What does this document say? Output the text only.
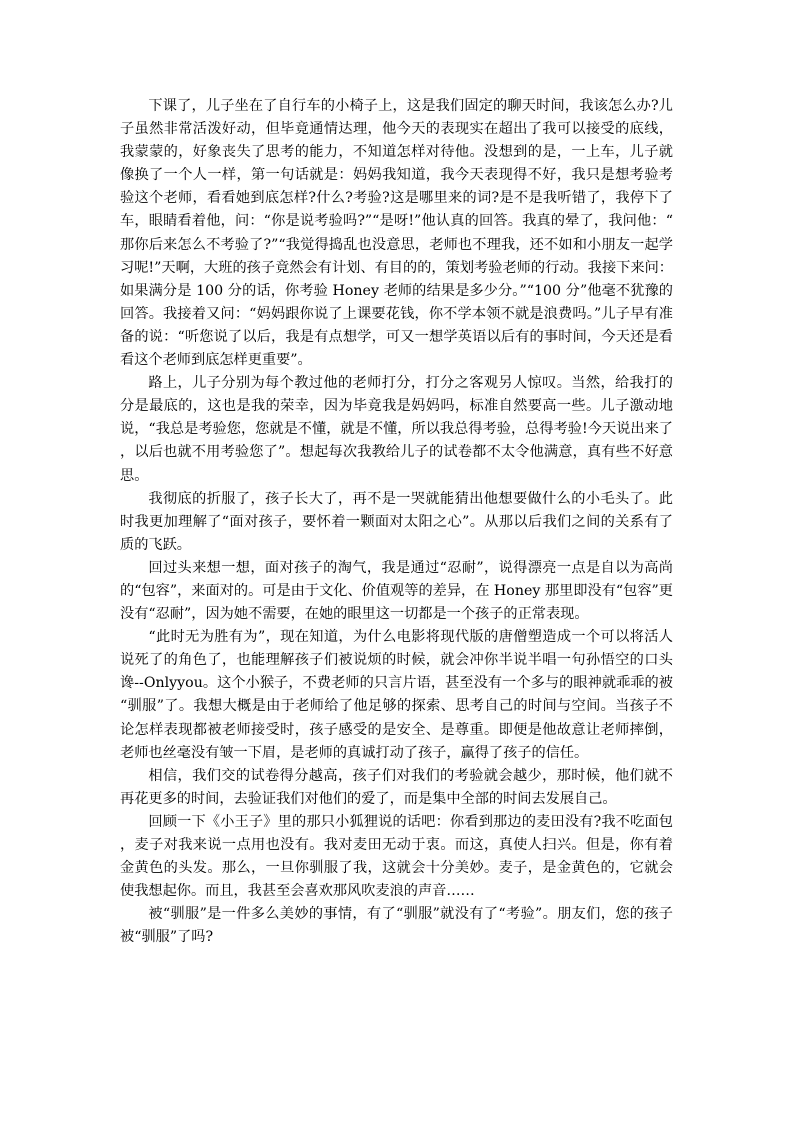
下课了，儿子坐在了自行车的小椅子上，这是我们固定的聊天时间，我该怎么办?儿子虽然非常活泼好动，但毕竟通情达理，他今天的表现实在超出了我可以接受的底线，我蒙蒙的，好象丧失了思考的能力，不知道怎样对待他。没想到的是，一上车，儿子就像换了一个人一样，第一句话就是：妈妈我知道，我今天表现得不好，我只是想考验考验这个老师，看看她到底怎样?什么?考验?这是哪里来的词?是不是我听错了，我停下了车，眼睛看着他，问：“你是说考验吗?”“是呀!”他认真的回答。我真的晕了，我问他：“那你后来怎么不考验了?”“我觉得捣乱也没意思，老师也不理我，还不如和小朋友一起学习呢!”天啊，大班的孩子竟然会有计划、有目的的，策划考验老师的行动。我接下来问：如果满分是 100 分的话，你考验 Honey 老师的结果是多少分。”“100 分”他毫不犹豫的回答。我接着又问：“妈妈跟你说了上课要花钱，你不学本领不就是浪费吗。”儿子早有准备的说：“听您说了以后，我是有点想学，可又一想学英语以后有的事时间，今天还是看看这个老师到底怎样更重要”。

路上，儿子分别为每个教过他的老师打分，打分之客观另人惊叹。当然，给我打的分是最底的，这也是我的荣幸，因为毕竟我是妈妈吗，标准自然要高一些。儿子激动地说，“我总是考验您，您就是不懂，就是不懂，所以我总得考验，总得考验!今天说出来了，以后也就不用考验您了”。想起每次我教给儿子的试卷都不太令他满意，真有些不好意思。

我彻底的折服了，孩子长大了，再不是一哭就能猜出他想要做什么的小毛头了。此时我更加理解了“面对孩子，要怀着一颗面对太阳之心”。从那以后我们之间的关系有了质的飞跃。

回过头来想一想，面对孩子的淘气，我是通过“忍耐”，说得漂亮一点是自以为高尚的“包容”，来面对的。可是由于文化、价值观等的差异，在 Honey 那里即没有“包容”更没有“忍耐”，因为她不需要，在她的眼里这一切都是一个孩子的正常表现。

“此时无为胜有为”，现在知道，为什么电影将现代版的唐僧塑造成一个可以将活人说死了的角色了，也能理解孩子们被说烦的时候，就会冲你半说半唱一句孙悟空的口头谗--Onlyyou。这个小猴子，不费老师的只言片语，甚至没有一个多与的眼神就乖乖的被“驯服”了。我想大概是由于老师给了他足够的探索、思考自己的时间与空间。当孩子不论怎样表现都被老师接受时，孩子感受的是安全、是尊重。即便是他故意让老师摔倒，老师也丝毫没有皱一下眉，是老师的真诚打动了孩子，赢得了孩子的信任。

相信，我们交的试卷得分越高，孩子们对我们的考验就会越少，那时候，他们就不再花更多的时间，去验证我们对他们的爱了，而是集中全部的时间去发展自己。

回顾一下《小王子》里的那只小狐狸说的话吧：你看到那边的麦田没有?我不吃面包，麦子对我来说一点用也没有。我对麦田无动于衷。而这，真使人扫兴。但是，你有着金黄色的头发。那么，一旦你驯服了我，这就会十分美妙。麦子，是金黄色的，它就会使我想起你。而且，我甚至会喜欢那风吹麦浪的声音……

被“驯服”是一件多么美妙的事情，有了“驯服”就没有了“考验”。朋友们，您的孩子被“驯服”了吗?
